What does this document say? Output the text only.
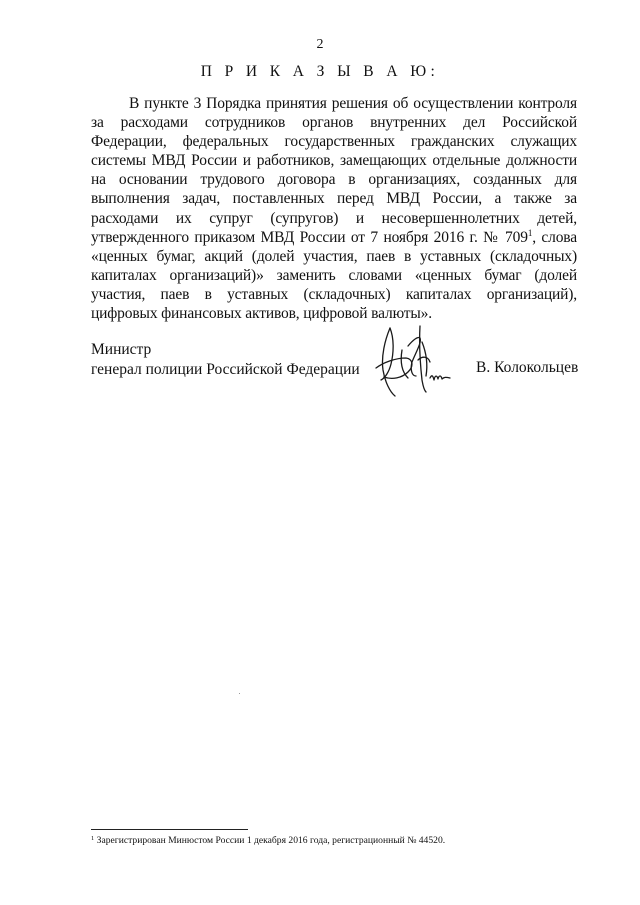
2
П Р И К А З Ы В А Ю:

В пункте 3 Порядка принятия решения об осуществлении контроля за расходами сотрудников органов внутренних дел Российской Федерации, федеральных государственных гражданских служащих системы МВД России и работников, замещающих отдельные должности на основании трудового договора в организациях, созданных для выполнения задач, поставленных перед МВД России, а также за расходами их супруг (супругов) и несовершеннолетних детей, утвержденного приказом МВД России от 7 ноября 2016 г. № $709^1$, слова «ценных бумаг, акций (долей участия, паев в уставных (складочных) капиталах организаций)» заменить словами «ценных бумаг (долей участия, паев в уставных (складочных) капиталах организаций), цифровых финансовых активов, цифровой валюты».

Министр
генерал полиции Российской Федерации	В. Колокольцев
$^1$ Зарегистрирован Минюстом России 1 декабря 2016 года, регистрационный № 44520.
